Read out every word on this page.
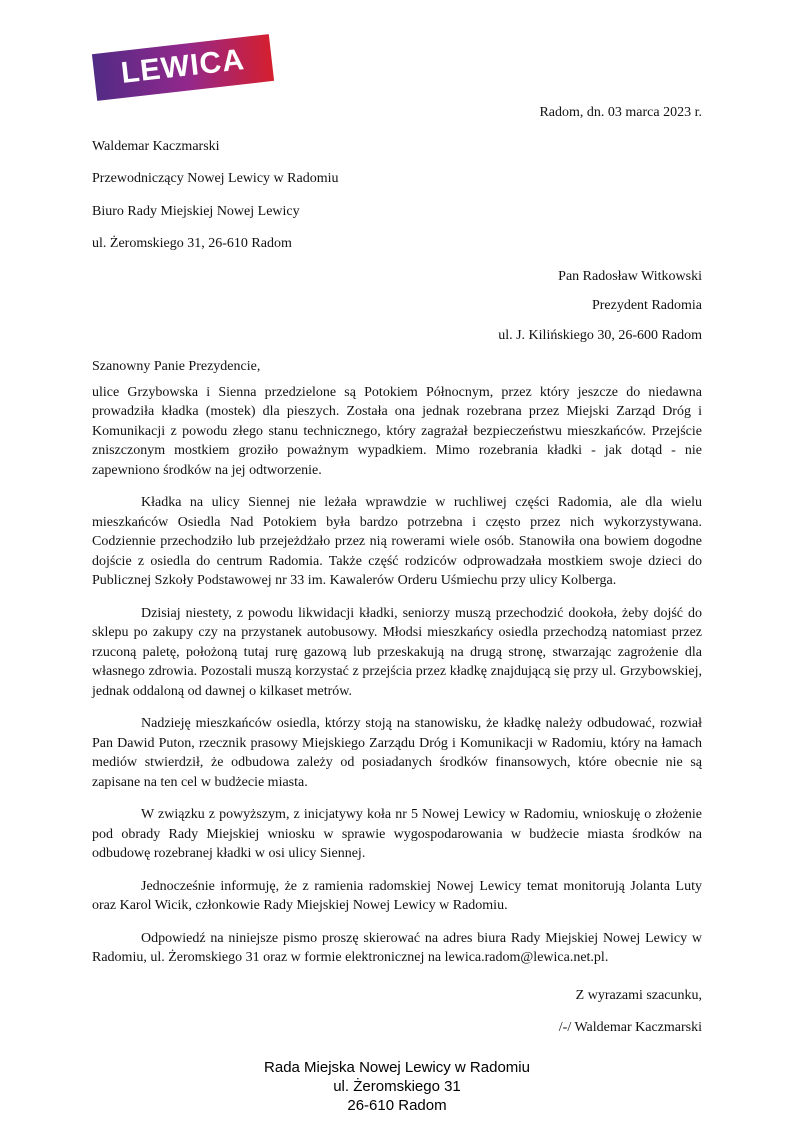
LEWICA
Radom, dn. 03 marca 2023 r.

Waldemar Kaczmarski

Przewodniczący Nowej Lewicy w Radomiu

Biuro Rady Miejskiej Nowej Lewicy

ul. Żeromskiego 31, 26-610 Radom

Pan Radosław Witkowski

Prezydent Radomia

ul. J. Kilińskiego 30, 26-600 Radom

Szanowny Panie Prezydencie,

ulice Grzybowska i Sienna przedzielone są Potokiem Północnym, przez który jeszcze do niedawna prowadziła kładka (mostek) dla pieszych. Została ona jednak rozebrana przez Miejski Zarząd Dróg i Komunikacji z powodu złego stanu technicznego, który zagrażał bezpieczeństwu mieszkańców. Przejście zniszczonym mostkiem groziło poważnym wypadkiem. Mimo rozebrania kładki - jak dotąd - nie zapewniono środków na jej odtworzenie.

Kładka na ulicy Siennej nie leżała wprawdzie w ruchliwej części Radomia, ale dla wielu mieszkańców Osiedla Nad Potokiem była bardzo potrzebna i często przez nich wykorzystywana. Codziennie przechodziło lub przejeżdżało przez nią rowerami wiele osób. Stanowiła ona bowiem dogodne dojście z osiedla do centrum Radomia. Także część rodziców odprowadzała mostkiem swoje dzieci do Publicznej Szkoły Podstawowej nr 33 im. Kawalerów Orderu Uśmiechu przy ulicy Kolberga.

Dzisiaj niestety, z powodu likwidacji kładki, seniorzy muszą przechodzić dookoła, żeby dojść do sklepu po zakupy czy na przystanek autobusowy. Młodsi mieszkańcy osiedla przechodzą natomiast przez rzuconą paletę, położoną tutaj rurę gazową lub przeskakują na drugą stronę, stwarzając zagrożenie dla własnego zdrowia. Pozostali muszą korzystać z przejścia przez kładkę znajdującą się przy ul. Grzybowskiej, jednak oddaloną od dawnej o kilkaset metrów.

Nadzieję mieszkańców osiedla, którzy stoją na stanowisku, że kładkę należy odbudować, rozwiał Pan Dawid Puton, rzecznik prasowy Miejskiego Zarządu Dróg i Komunikacji w Radomiu, który na łamach mediów stwierdził, że odbudowa zależy od posiadanych środków finansowych, które obecnie nie są zapisane na ten cel w budżecie miasta.

W związku z powyższym, z inicjatywy koła nr 5 Nowej Lewicy w Radomiu, wnioskuję o złożenie pod obrady Rady Miejskiej wniosku w sprawie wygospodarowania w budżecie miasta środków na odbudowę rozebranej kładki w osi ulicy Siennej.

Jednocześnie informuję, że z ramienia radomskiej Nowej Lewicy temat monitorują Jolanta Luty oraz Karol Wicik, członkowie Rady Miejskiej Nowej Lewicy w Radomiu.

Odpowiedź na niniejsze pismo proszę skierować na adres biura Rady Miejskiej Nowej Lewicy w Radomiu, ul. Żeromskiego 31 oraz w formie elektronicznej na lewica.radom@lewica.net.pl.

Z wyrazami szacunku,

/-/ Waldemar Kaczmarski

Rada Miejska Nowej Lewicy w Radomiu

ul. Żeromskiego 31

26-610 Radom
